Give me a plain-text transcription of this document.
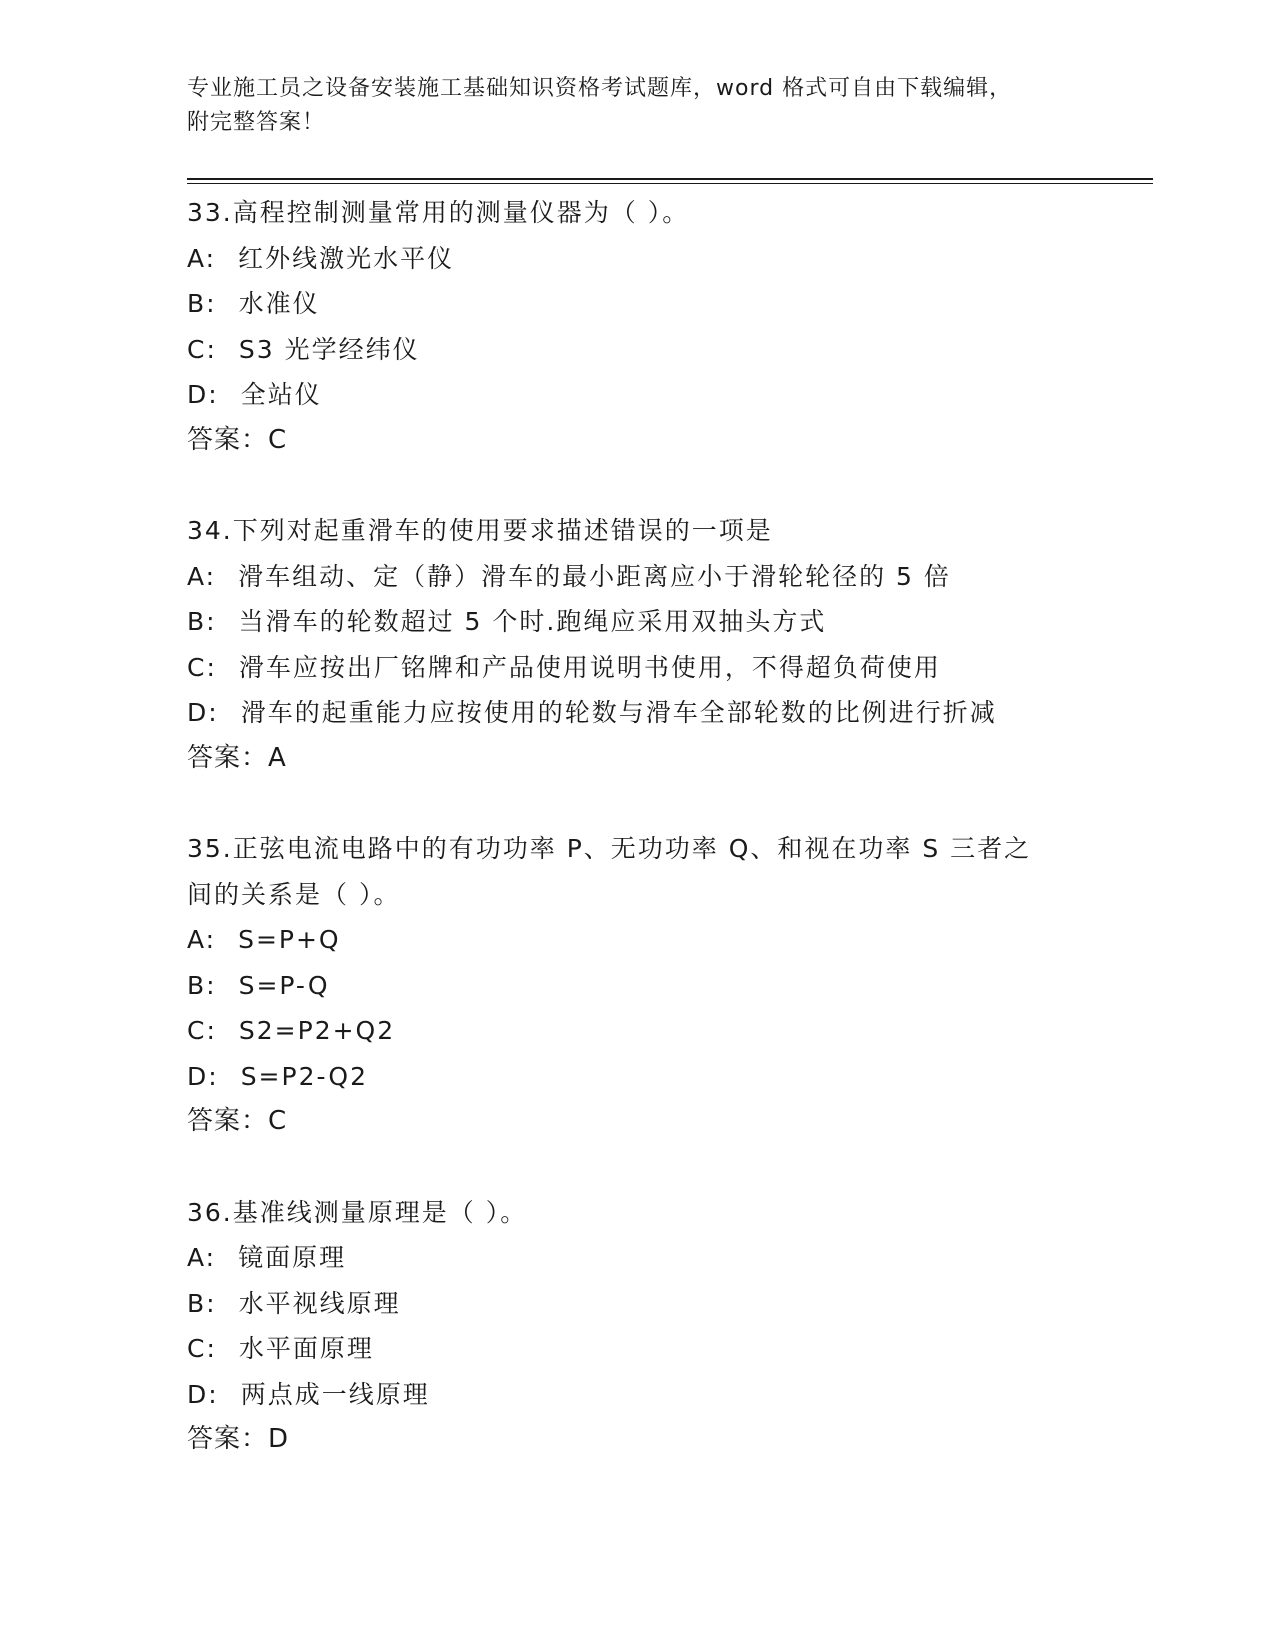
专业施工员之设备安装施工基础知识资格考试题库，word 格式可自由下载编辑，
附完整答案！
33.高程控制测量常用的测量仪器为（ ）。
A: 红外线激光水平仪
B: 水准仪
C: S3 光学经纬仪
D: 全站仪
答案：C
34.下列对起重滑车的使用要求描述错误的一项是
A: 滑车组动、定（静）滑车的最小距离应小于滑轮轮径的 5 倍
B: 当滑车的轮数超过 5 个时.跑绳应采用双抽头方式
C: 滑车应按出厂铭牌和产品使用说明书使用，不得超负荷使用
D: 滑车的起重能力应按使用的轮数与滑车全部轮数的比例进行折减
答案：A
35.正弦电流电路中的有功功率 P、无功功率 Q、和视在功率 S 三者之
间的关系是（ ）。
A: S=P+Q
B: S=P-Q
C: S2=P2+Q2
D: S=P2-Q2
答案：C
36.基准线测量原理是（ ）。
A: 镜面原理
B: 水平视线原理
C: 水平面原理
D: 两点成一线原理
答案：D
